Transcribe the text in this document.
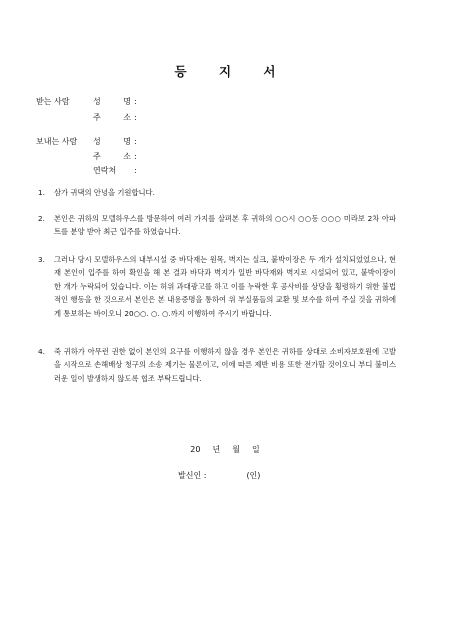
등 지 서
받는 사람	성 명 :
주 소 :
보내는 사람 성 명 :
주 소 :
연락처 :
1.	삼가 귀댁의 안녕을 기원합니다.
2.	본인은 귀하의 모델하우스를 방문하여 여러 가지를 살펴본 후 귀하의 ○○시 ○○동 ○○○ 미라보 2차 아파트를 분양 받아 최근 입주를 하였습니다.
3.	그러나 당시 모델하우스의 내부시설 중 바닥재는 원목, 벽지는 실크, 붙박이장은 두 개가 설치되었었으나, 현재 본인이 입주를 하여 확인을 해 본 결과 바닥과 벽지가 일반 바닥재와 벽지로 시설되어 있고, 붙박이장이 한 개가 누락되어 있습니다. 이는 허위 과대광고를 하고 이를 누락한 후 공사비를 상당을 횡령하기 위한 불법적인 행동을 한 것으로서 본인은 본 내용증명을 통하여 위 부실품들의 교환 및 보수를 하여 주실 것을 귀하에게 통보하는 바이오니 20○○. ○. ○.까지 이행하여 주시기 바랍니다.
4.	죽 귀하가 아무런 권한 없이 본인의 요구를 이행하지 않을 경우 본인은 귀하를 상대로 소비자보호원에 고발을 시작으로 손해배상 청구의 소송 제기는 물론이고, 이에 따른 제반 비용 또한 전가할 것이오니 부디 불미스러운 일이 발생하지 않도록 협조 부탁드립니다.
20 년 월 일
발신인 :	(인)
